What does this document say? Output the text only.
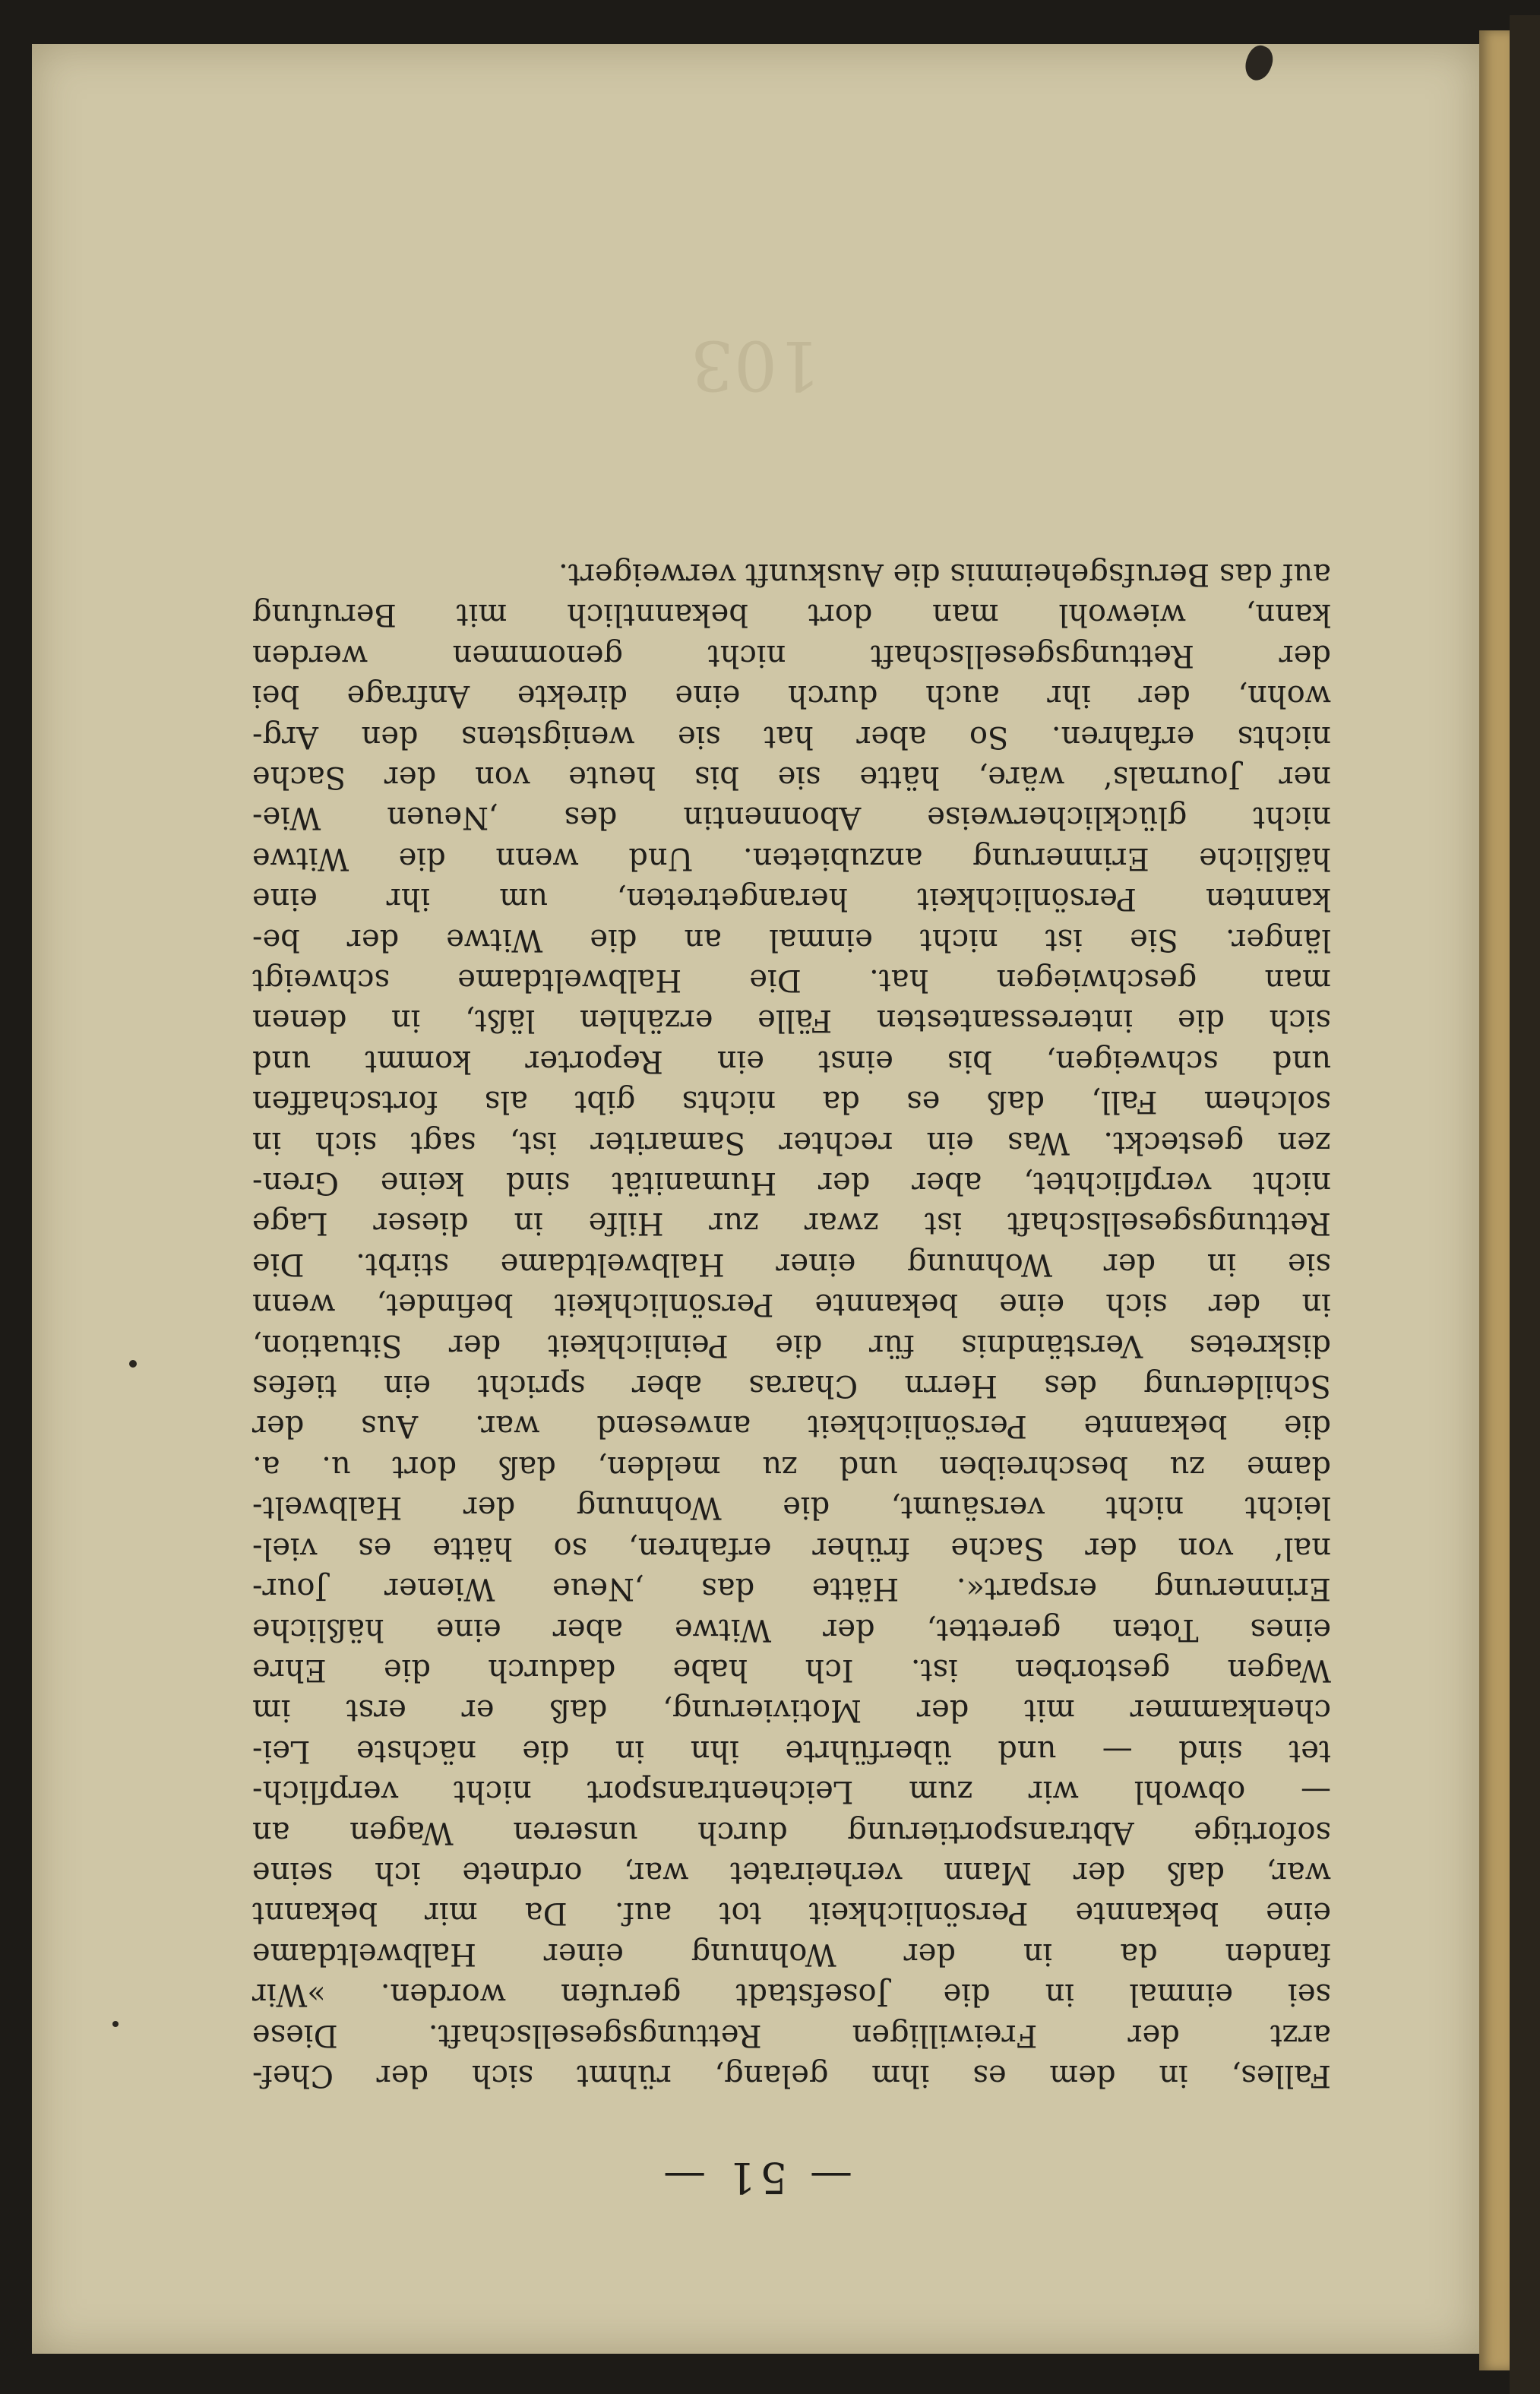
— 51 —
Falles, in dem es ihm gelang, rühmt sich der Chef-
arzt der Freiwilligen Rettungsgesellschaft. Diese
sei einmal in die Josefstadt gerufen worden. »Wir
fanden da in der Wohnung einer Halbweltdame
eine bekannte Persönlichkeit tot auf. Da mir bekannt
war, daß der Mann verheiratet war, ordnete ich seine
sofortige Abtransportierung durch unseren Wagen an
— obwohl wir zum Leichentransport nicht verpflich-
tet sind — und überführte ihn in die nächste Lei-
chenkammer mit der Motivierung, daß er erst im
Wagen gestorben ist. Ich habe dadurch die Ehre
eines Toten gerettet, der Witwe aber eine häßliche
Erinnerung erspart«. Hätte das ‚Neue Wiener Jour-
nal‘ von der Sache früher erfahren, so hätte es viel-
leicht nicht versäumt, die Wohnung der Halbwelt-
dame zu beschreiben und zu melden, daß dort u. a.
die bekannte Persönlichkeit anwesend war. Aus der
Schilderung des Herrn Charas aber spricht ein tiefes
diskretes Verständnis für die Peinlichkeit der Situation,
in der sich eine bekannte Persönlichkeit befindet, wenn
sie in der Wohnung einer Halbweltdame stirbt. Die
Rettungsgesellschaft ist zwar zur Hilfe in dieser Lage
nicht verpflichtet, aber der Humanität sind keine Gren-
zen gesteckt. Was ein rechter Samariter ist, sagt sich in
solchem Fall, daß es da nichts gibt als fortschaffen
und schweigen, bis einst ein Reporter kommt und
sich die interessantesten Fälle erzählen läßt, in denen
man geschwiegen hat. Die Halbweltdame schweigt
länger. Sie ist nicht einmal an die Witwe der be-
kannten Persönlichkeit herangetreten, um ihr eine
häßliche Erinnerung anzubieten. Und wenn die Witwe
nicht glücklicherweise Abonnentin des ‚Neuen Wie-
ner Journals‘ wäre, hätte sie bis heute von der Sache
nichts erfahren. So aber hat sie wenigstens den Arg-
wohn, der ihr auch durch eine direkte Anfrage bei
der Rettungsgesellschaft nicht genommen werden
kann, wiewohl man dort bekanntlich mit Berufung
auf das Berufsgeheimnis die Auskunft verweigert.
103
